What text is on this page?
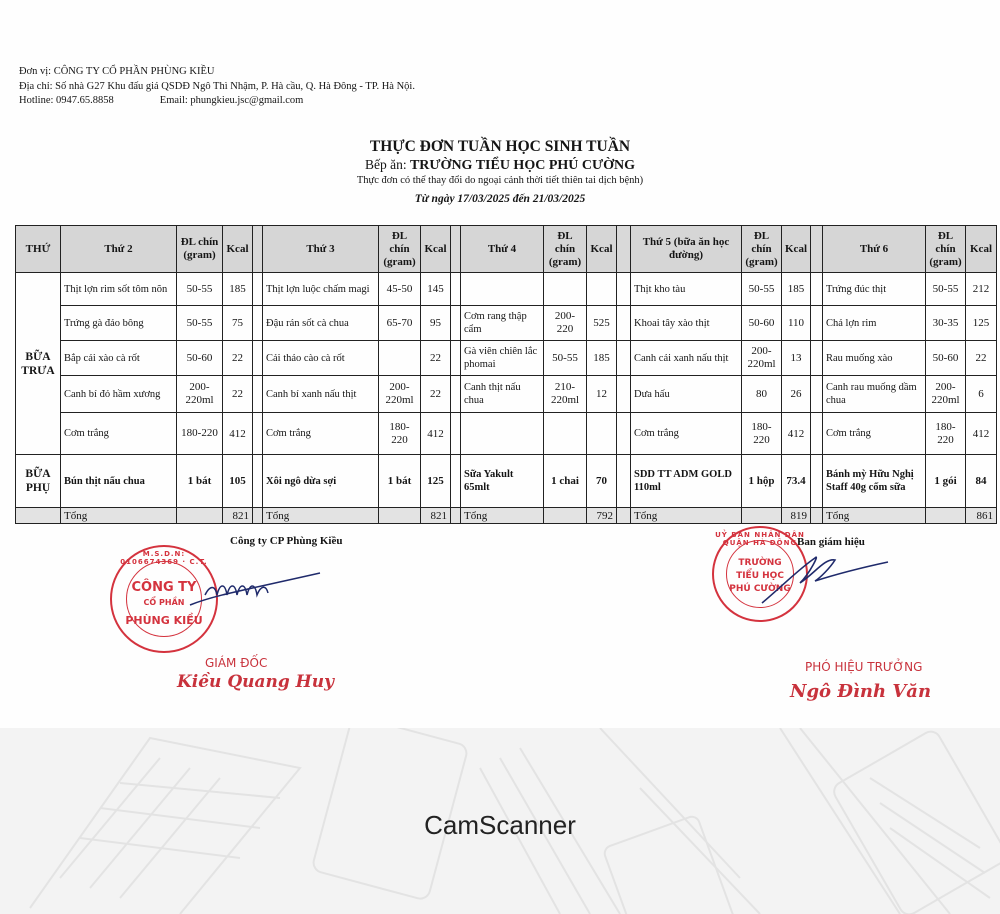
Đơn vị: CÔNG TY CỔ PHẦN PHÙNG KIỀU
Địa chỉ: Số nhà G27 Khu đấu giá QSDĐ Ngô Thì Nhậm, P. Hà cầu, Q. Hà Đông - TP. Hà Nội.
Hotline: 0947.65.8858	Email: phungkieu.jsc@gmail.com
THỰC ĐƠN TUẦN HỌC SINH TUẦN
Bếp ăn: TRƯỜNG TIỂU HỌC PHÚ CƯỜNG
Thực đơn có thể thay đổi do ngoại cảnh thời tiết thiên tai dịch bệnh)
Từ ngày 17/03/2025 đến 21/03/2025
THỨ	Thứ 2	ĐL chín (gram)	Kcal		Thứ 3	ĐL chín (gram)	Kcal		Thứ 4	ĐL chín (gram)	Kcal		Thứ 5 (bữa ăn học đường)	ĐL chín (gram)	Kcal		Thứ 6	ĐL chín (gram)	Kcal
BỮA TRƯA	Thịt lợn rim sốt tôm nõn	50-55	185		Thịt lợn luộc chấm magi	45-50	145						Thịt kho tàu	50-55	185		Trứng đúc thịt	50-55	212
	Trứng gà đảo bông	50-55	75		Đậu rán sốt cà chua	65-70	95		Cơm rang thập cẩm	200-220	525		Khoai tây xào thịt	50-60	110		Chả lợn rim	30-35	125
	Bắp cải xào cà rốt	50-60	22		Cải thảo cào cà rốt		22		Gà viên chiên lắc phomai	50-55	185		Canh cải xanh nấu thịt	200-220ml	13		Rau muống xào	50-60	22
	Canh bí đỏ hầm xương	200-220ml	22		Canh bí xanh nấu thịt	200-220ml	22		Canh thịt nấu chua	210-220ml	12		Dưa hấu	80	26		Canh rau muống dầm chua	200-220ml	6
	Cơm trắng	180-220	412		Cơm trắng	180-220	412						Cơm trắng	180-220	412		Cơm trắng	180-220	412
BỮA PHỤ	Bún thịt nấu chua	1 bát	105		Xôi ngô dừa sợi	1 bát	125		Sữa Yakult 65mlt	1 chai	70		SDD TT ADM GOLD 110ml	1 hộp	73.4		Bánh mỳ Hữu Nghị Staff 40g cốm sữa	1 gói	84
	Tổng		821		Tổng		821		Tổng		792		Tổng		819		Tổng		861
Công ty CP Phùng Kiều
M.S.D.N: 0106674369 · C.T.
CÔNG TY
CỔ PHẦN
PHÙNG KIỀU
GIÁM ĐỐC
Kiều Quang Huy
Ban giám hiệu
UỶ BAN NHÂN DÂN QUẬN HÀ ĐÔNG
TRƯỜNG
TIỂU HỌC
PHÚ CƯỜNG
PHÓ HIỆU TRƯỞNG
Ngô Đình Văn
CamScanner
